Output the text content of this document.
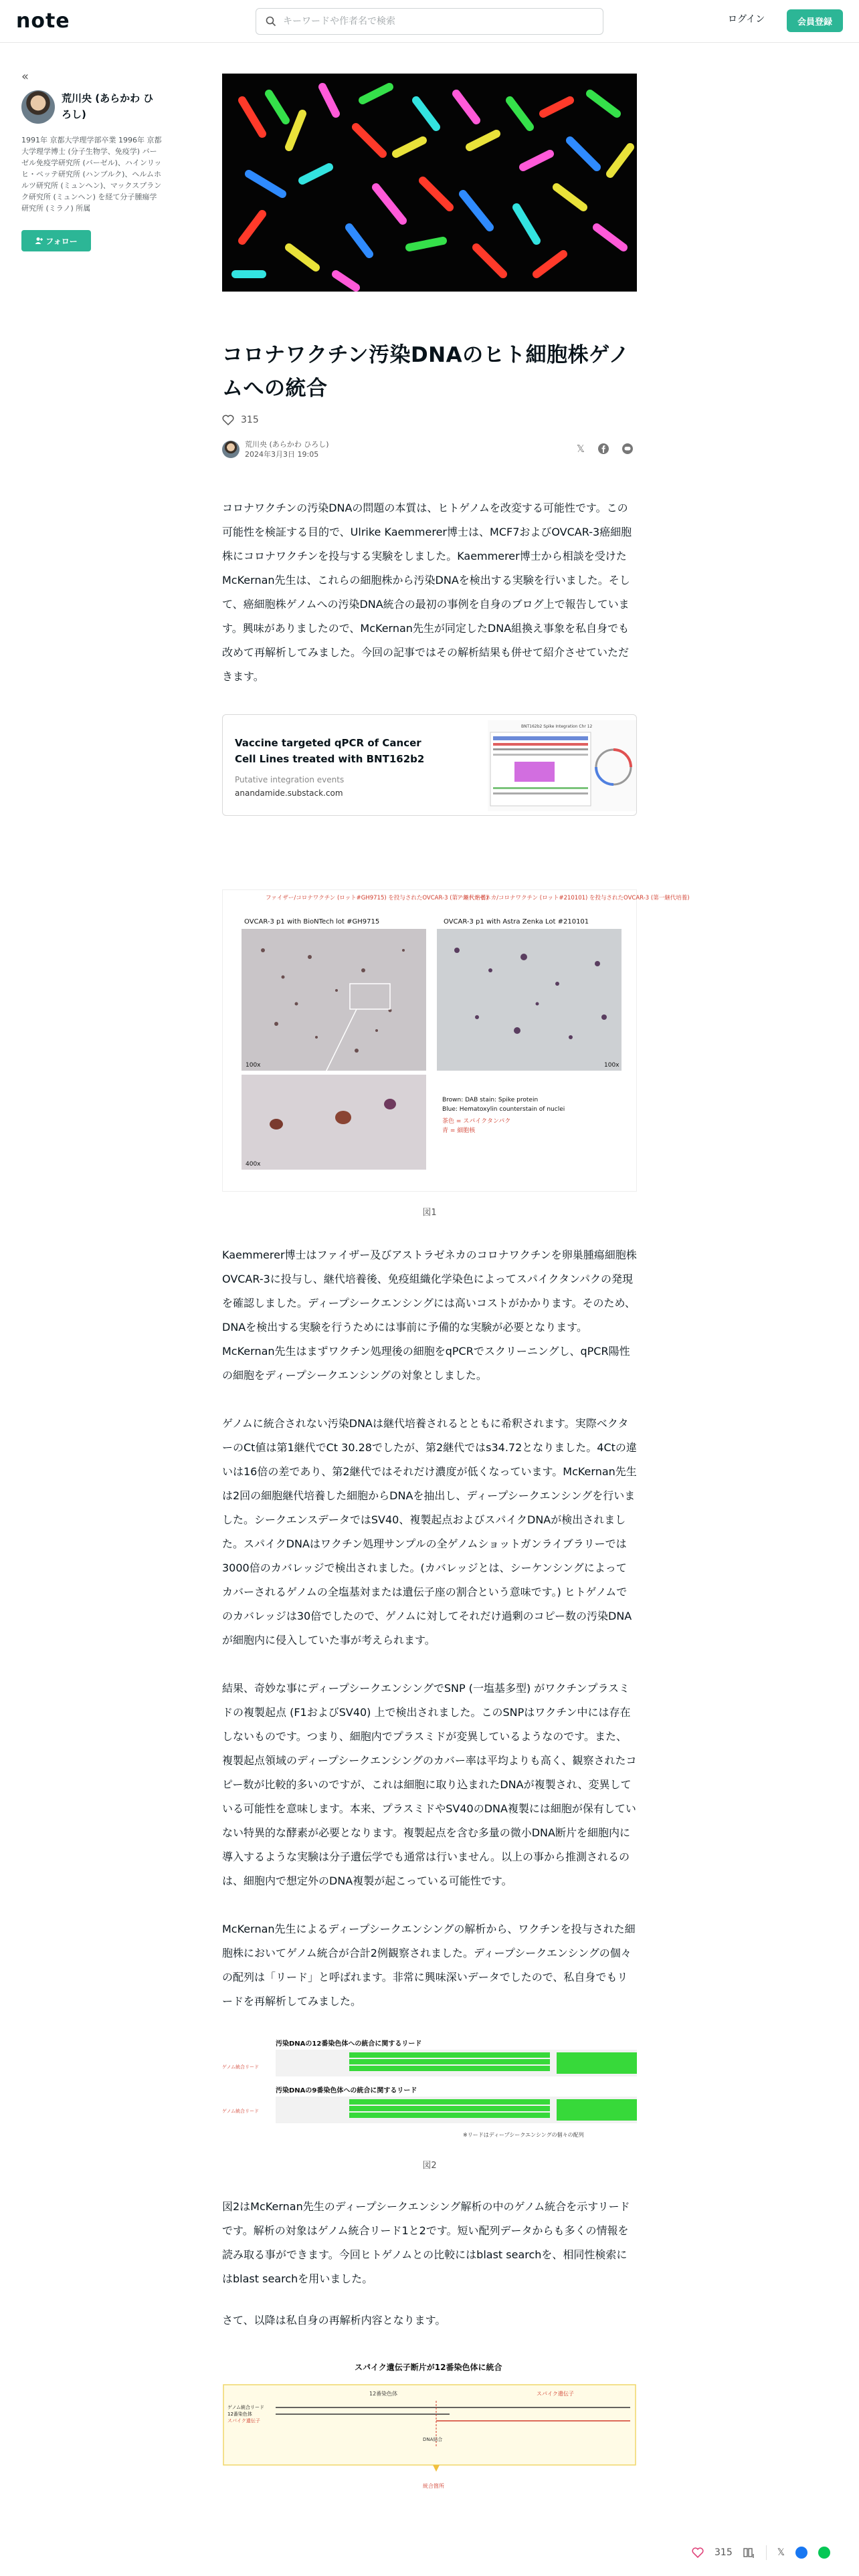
note
キーワードや作者名で検索	ログイン	会員登録
«
荒川央 (あらかわ ひろし)
1991年 京都大学理学部卒業 1996年 京都大学理学博士 (分子生物学、免疫学) バーゼル免疫学研究所 (バーゼル)、ハインリッヒ・ペッテ研究所 (ハンブルク)、ヘルムホルツ研究所 (ミュンヘン)、マックスプランク研究所 (ミュンヘン) を経て分子腫瘍学研究所 (ミラノ) 所属
フォロー
コロナワクチン汚染DNAのヒト細胞株ゲノムへの統合
315
荒川央 (あらかわ ひろし)
2024年3月3日 19:05	𝕏

コロナワクチンの汚染DNAの問題の本質は、ヒトゲノムを改変する可能性です。この可能性を検証する目的で、Ulrike Kaemmerer博士は、MCF7およびOVCAR-3癌細胞株にコロナワクチンを投与する実験をしました。Kaemmerer博士から相談を受けたMcKernan先生は、これらの細胞株から汚染DNAを検出する実験を行いました。そして、癌細胞株ゲノムへの汚染DNA統合の最初の事例を自身のブログ上で報告しています。興味がありましたので、McKernan先生が同定したDNA組換え事象を私自身でも改めて再解析してみました。今回の記事ではその解析結果も併せて紹介させていただきます。

Vaccine targeted qPCR of Cancer Cell Lines treated with BNT162b2
Putative integration events
anandamide.substack.com
BNT162b2 Spike Integration Chr 12
ファイザー/コロナワクチン (ロット#GH9715) を投与されたOVCAR-3 (第一継代培養)
OVCAR-3 p1 with BioNTech lot #GH9715
アストラゼネカ/コロナワクチン (ロット#210101) を投与されたOVCAR-3 (第一継代培養)
OVCAR-3 p1 with Astra Zenka Lot #210101
100x	100x
400x
Brown: DAB stain: Spike protein
Blue: Hematoxylin counterstain of nuclei
茶色 = スパイクタンパク
青 = 細胞核
図1

Kaemmerer博士はファイザー及びアストラゼネカのコロナワクチンを卵巣腫瘍細胞株OVCAR-3に投与し、継代培養後、免疫組織化学染色によってスパイクタンパクの発現を確認しました。ディープシークエンシングには高いコストがかかります。そのため、DNAを検出する実験を行うためには事前に予備的な実験が必要となります。McKernan先生はまずワクチン処理後の細胞をqPCRでスクリーニングし、qPCR陽性の細胞をディープシークエンシングの対象としました。

ゲノムに統合されない汚染DNAは継代培養されるとともに希釈されます。実際ベクターのCt値は第1継代でCt 30.28でしたが、第2継代ではs34.72となりました。4Ctの違いは16倍の差であり、第2継代ではそれだけ濃度が低くなっています。McKernan先生は2回の細胞継代培養した細胞からDNAを抽出し、ディープシークエンシングを行いました。シークエンスデータではSV40、複製起点およびスパイクDNAが検出されました。スパイクDNAはワクチン処理サンプルの全ゲノムショットガンライブラリーでは3000倍のカバレッジで検出されました。(カバレッジとは、シーケンシングによってカバーされるゲノムの全塩基対または遺伝子座の割合という意味です。) ヒトゲノムでのカバレッジは30倍でしたので、ゲノムに対してそれだけ過剰のコピー数の汚染DNAが細胞内に侵入していた事が考えられます。

結果、奇妙な事にディープシークエンシングでSNP (一塩基多型) がワクチンプラスミドの複製起点 (F1およびSV40) 上で検出されました。このSNPはワクチン中には存在しないものです。つまり、細胞内でプラスミドが変異しているようなのです。また、複製起点領域のディープシークエンシングのカバー率は平均よりも高く、観察されたコピー数が比較的多いのですが、これは細胞に取り込まれたDNAが複製され、変異している可能性を意味します。本来、プラスミドやSV40のDNA複製には細胞が保有していない特異的な酵素が必要となります。複製起点を含む多量の微小DNA断片を細胞内に導入するような実験は分子遺伝学でも通常は行いません。以上の事から推測されるのは、細胞内で想定外のDNA複製が起こっている可能性です。

McKernan先生によるディープシークエンシングの解析から、ワクチンを投与された細胞株においてゲノム統合が合計2例観察されました。ディープシークエンシングの個々の配列は「リード」と呼ばれます。非常に興味深いデータでしたので、私自身でもリードを再解析してみました。

汚染DNAの12番染色体への統合に関するリード
ゲノム統合リード
汚染DNAの9番染色体への統合に関するリード
ゲノム統合リード
※リードはディープシークエンシングの個々の配列
図2

図2はMcKernan先生のディープシークエンシング解析の中のゲノム統合を示すリードです。解析の対象はゲノム統合リード1と2です。短い配列データからも多くの情報を読み取る事ができます。今回ヒトゲノムとの比較にはblast searchを、相同性検索にはblast searchを用いました。

さて、以降は私自身の再解析内容となります。

スパイク遺伝子断片が12番染色体に統合
12番染色体	スパイク遺伝子
ゲノム統合リード
12番染色体
スパイク遺伝子
DNA結合
統合箇所
315	𝕏
